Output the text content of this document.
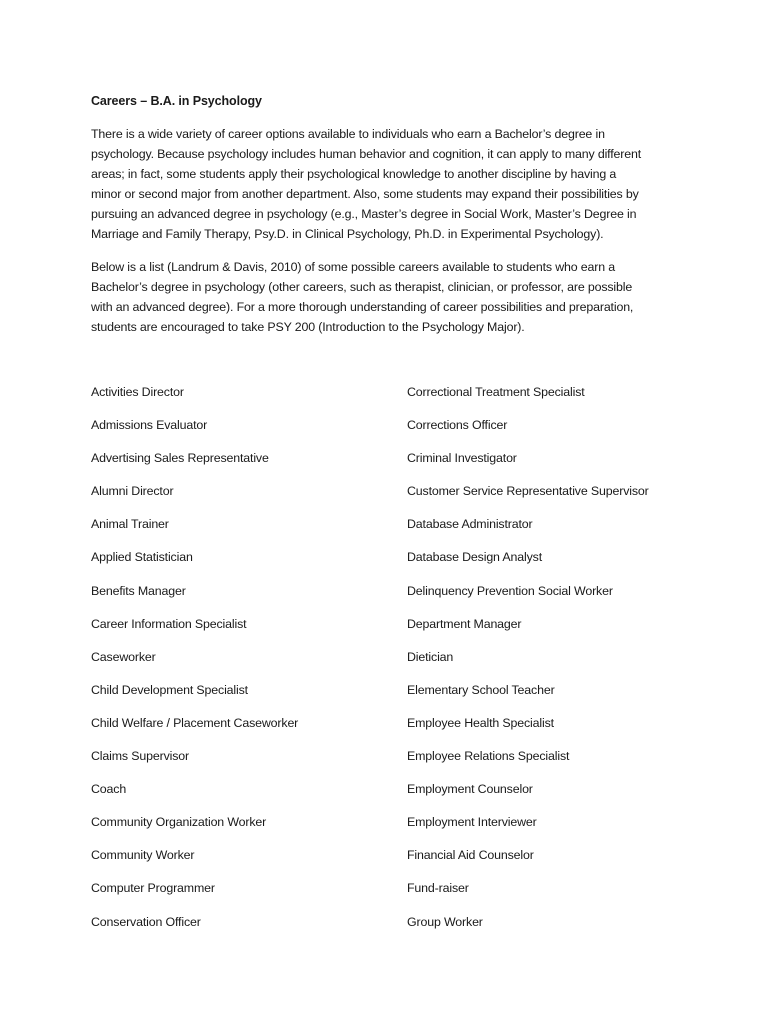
Careers – B.A. in Psychology
There is a wide variety of career options available to individuals who earn a Bachelor’s degree in
psychology. Because psychology includes human behavior and cognition, it can apply to many different
areas; in fact, some students apply their psychological knowledge to another discipline by having a
minor or second major from another department. Also, some students may expand their possibilities by
pursuing an advanced degree in psychology (e.g., Master’s degree in Social Work, Master’s Degree in
Marriage and Family Therapy, Psy.D. in Clinical Psychology, Ph.D. in Experimental Psychology).
Below is a list (Landrum & Davis, 2010) of some possible careers available to students who earn a
Bachelor’s degree in psychology (other careers, such as therapist, clinician, or professor, are possible
with an advanced degree). For a more thorough understanding of career possibilities and preparation,
students are encouraged to take PSY 200 (Introduction to the Psychology Major).
Activities Director
Admissions Evaluator
Advertising Sales Representative
Alumni Director
Animal Trainer
Applied Statistician
Benefits Manager
Career Information Specialist
Caseworker
Child Development Specialist
Child Welfare / Placement Caseworker
Claims Supervisor
Coach
Community Organization Worker
Community Worker
Computer Programmer
Conservation Officer
Correctional Treatment Specialist
Corrections Officer
Criminal Investigator
Customer Service Representative Supervisor
Database Administrator
Database Design Analyst
Delinquency Prevention Social Worker
Department Manager
Dietician
Elementary School Teacher
Employee Health Specialist
Employee Relations Specialist
Employment Counselor
Employment Interviewer
Financial Aid Counselor
Fund-raiser
Group Worker
